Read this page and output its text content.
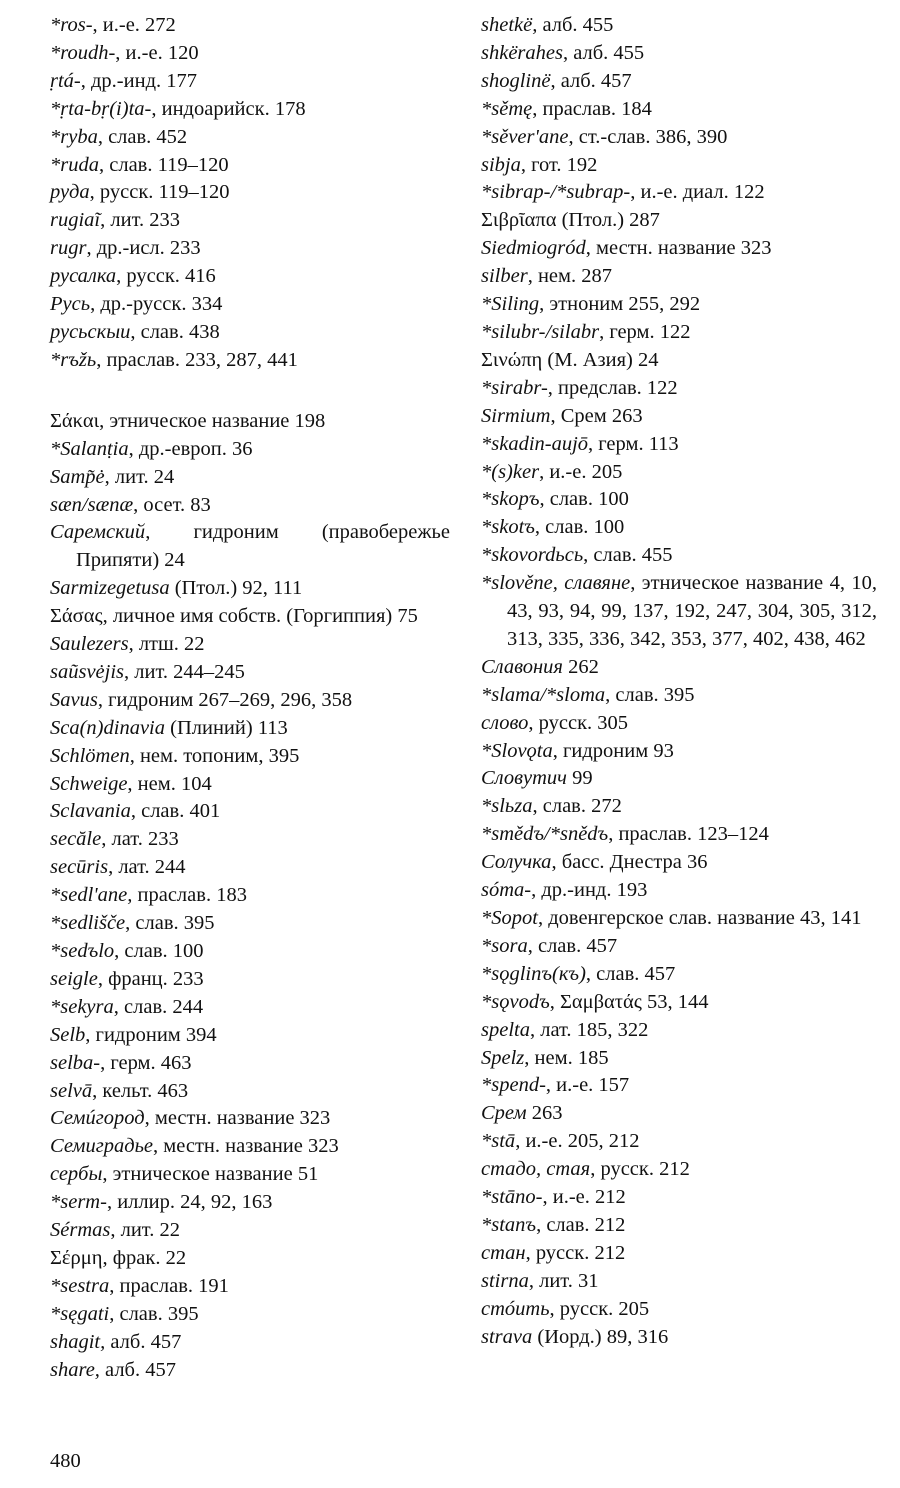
*ros-, и.-е. 272
*roudh-, и.-е. 120
ṛtá-, др.-инд. 177
*ṛta-bṛ(i)ta-, индоарийск. 178
*ryba, слав. 452
*ruda, слав. 119–120
руда, русск. 119–120
rugiaĩ, лит. 233
rugr, др.-исл. 233
русалка, русск. 416
Русь, др.-русск. 334
русьскыи, слав. 438
*rъžь, праслав. 233, 287, 441
Σάκαι, этническое название 198
*Salanṭia, др.-европ. 36
Samp̃ė, лит. 24
sæn/sænæ, осет. 83
Саремский, гидроним (правобережье Припяти) 24
Sarmizegetusa (Птол.) 92, 111
Σάσας, личное имя собств. (Горгиппия) 75
Saulezers, лтш. 22
saũsvėjis, лит. 244–245
Savus, гидроним 267–269, 296, 358
Sca(n)dinavia (Плиний) 113
Schlömen, нем. топоним, 395
Schweige, нем. 104
Sclavania, слав. 401
secăle, лат. 233
secūris, лат. 244
*sedl'ane, праслав. 183
*sedlišče, слав. 395
*sedъlo, слав. 100
seigle, франц. 233
*sekyra, слав. 244
Selb, гидроним 394
selba-, герм. 463
selvā, кельт. 463
Семúгород, местн. название 323
Семиградье, местн. название 323
сербы, этническое название 51
*serm-, иллир. 24, 92, 163
Sérmas, лит. 22
Σέρμη, фрак. 22
*sestra, праслав. 191
*sęgati, слав. 395
shagit, алб. 457
share, алб. 457
shetkë, алб. 455
shkërahes, алб. 455
shoglinë, алб. 457
*sěmę, праслав. 184
*sěver'ane, ст.-слав. 386, 390
sibja, гот. 192
*sibrap-/*subrap-, и.-е. диал. 122
Σιβρῖαπα (Птол.) 287
Siedmiogród, местн. название 323
silber, нем. 287
*Siling, этноним 255, 292
*silubr-/silabr, герм. 122
Σινώπη (М. Азия) 24
*sirabr-, предслав. 122
Sirmium, Срем 263
*skadin-aujō, герм. 113
*(s)ker, и.-е. 205
*skopъ, слав. 100
*skotъ, слав. 100
*skovordьсь, слав. 455
*slověne, славяне, этническое название 4, 10, 43, 93, 94, 99, 137, 192, 247, 304, 305, 312, 313, 335, 336, 342, 353, 377, 402, 438, 462
Славония 262
*slama/*sloma, слав. 395
слово, русск. 305
*Slovǫta, гидроним 93
Словутич 99
*slьza, слав. 272
*smědъ/*snědъ, праслав. 123–124
Солучка, басс. Днестра 36
sóma-, др.-инд. 193
*Sopot, довенгерское слав. название 43, 141
*sora, слав. 457
*sǫglinъ(къ), слав. 457
*sǫvodъ, Σαμβατάς 53, 144
spelta, лат. 185, 322
Spelz, нем. 185
*spend-, и.-е. 157
Срем 263
*stā, и.-е. 205, 212
стадо, стая, русск. 212
*stāno-, и.-е. 212
*stanъ, слав. 212
стан, русск. 212
stirna, лит. 31
стóить, русск. 205
strava (Иорд.) 89, 316
480
